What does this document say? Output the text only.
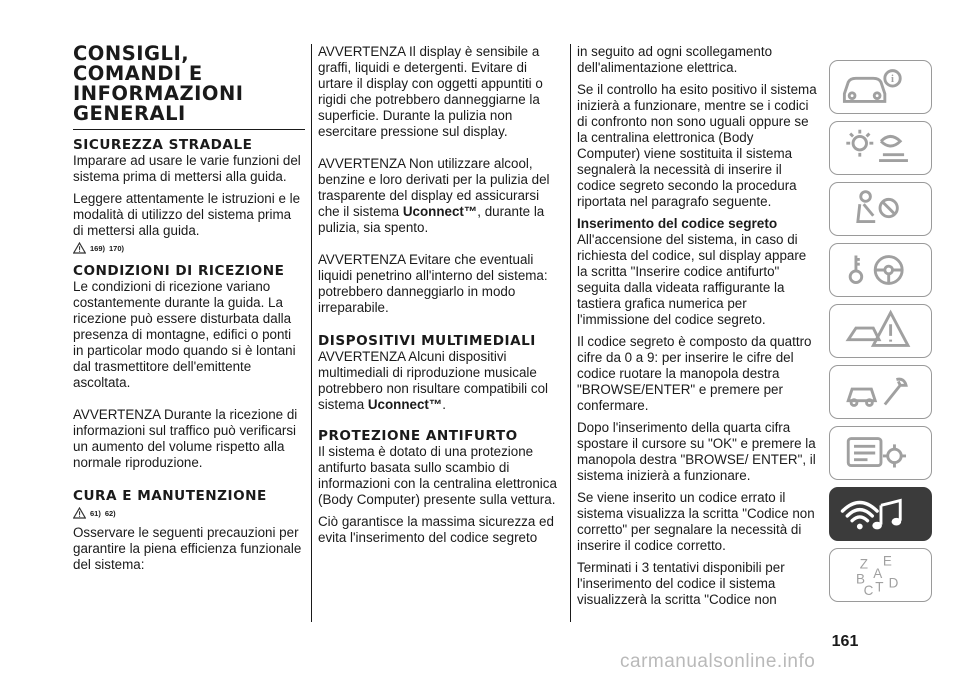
CONSIGLI, COMANDI E INFORMAZIONI GENERALI
SICUREZZA STRADALE

Imparare ad usare le varie funzioni del sistema prima di mettersi alla guida.

Leggere attentamente le istruzioni e le modalità di utilizzo del sistema prima di mettersi alla guida.

169) 170)
CONDIZIONI DI RICEZIONE

Le condizioni di ricezione variano costantemente durante la guida. La ricezione può essere disturbata dalla presenza di montagne, edifici o ponti in particolar modo quando si è lontani dal trasmettitore dell'emittente ascoltata.

AVVERTENZA Durante la ricezione di informazioni sul traffico può verificarsi un aumento del volume rispetto alla normale riproduzione.

CURA E MANUTENZIONE
61) 62)

Osservare le seguenti precauzioni per garantire la piena efficienza funzionale del sistema:

AVVERTENZA Il display è sensibile a graffi, liquidi e detergenti. Evitare di urtare il display con oggetti appuntiti o rigidi che potrebbero danneggiarne la superficie. Durante la pulizia non esercitare pressione sul display.

AVVERTENZA Non utilizzare alcool, benzine e loro derivati per la pulizia del trasparente del display ed assicurarsi che il sistema Uconnect™, durante la pulizia, sia spento.

AVVERTENZA Evitare che eventuali liquidi penetrino all'interno del sistema: potrebbero danneggiarlo in modo irreparabile.

DISPOSITIVI MULTIMEDIALI

AVVERTENZA Alcuni dispositivi multimediali di riproduzione musicale potrebbero non risultare compatibili col sistema Uconnect™.

PROTEZIONE ANTIFURTO

Il sistema è dotato di una protezione antifurto basata sullo scambio di informazioni con la centralina elettronica (Body Computer) presente sulla vettura.

Ciò garantisce la massima sicurezza ed evita l'inserimento del codice segreto

in seguito ad ogni scollegamento dell'alimentazione elettrica.

Se il controllo ha esito positivo il sistema inizierà a funzionare, mentre se i codici di confronto non sono uguali oppure se la centralina elettronica (Body Computer) viene sostituita il sistema segnalerà la necessità di inserire il codice segreto secondo la procedura riportata nel paragrafo seguente.

Inserimento del codice segreto

All'accensione del sistema, in caso di richiesta del codice, sul display appare la scritta "Inserire codice antifurto" seguita dalla videata raffigurante la tastiera grafica numerica per l'immissione del codice segreto.

Il codice segreto è composto da quattro cifre da 0 a 9: per inserire le cifre del codice ruotare la manopola destra "BROWSE/ENTER" e premere per confermare.

Dopo l'inserimento della quarta cifra spostare il cursore su "OK" e premere la manopola destra "BROWSE/ ENTER", il sistema inizierà a funzionare.

Se viene inserito un codice errato il sistema visualizza la scritta "Codice non corretto" per segnalare la necessità di inserire il codice corretto.

Terminati i 3 tentativi disponibili per l'inserimento del codice il sistema visualizzerà la scritta "Codice non

i
Z E
A
B
C T D
161
carmanualsonline.info
